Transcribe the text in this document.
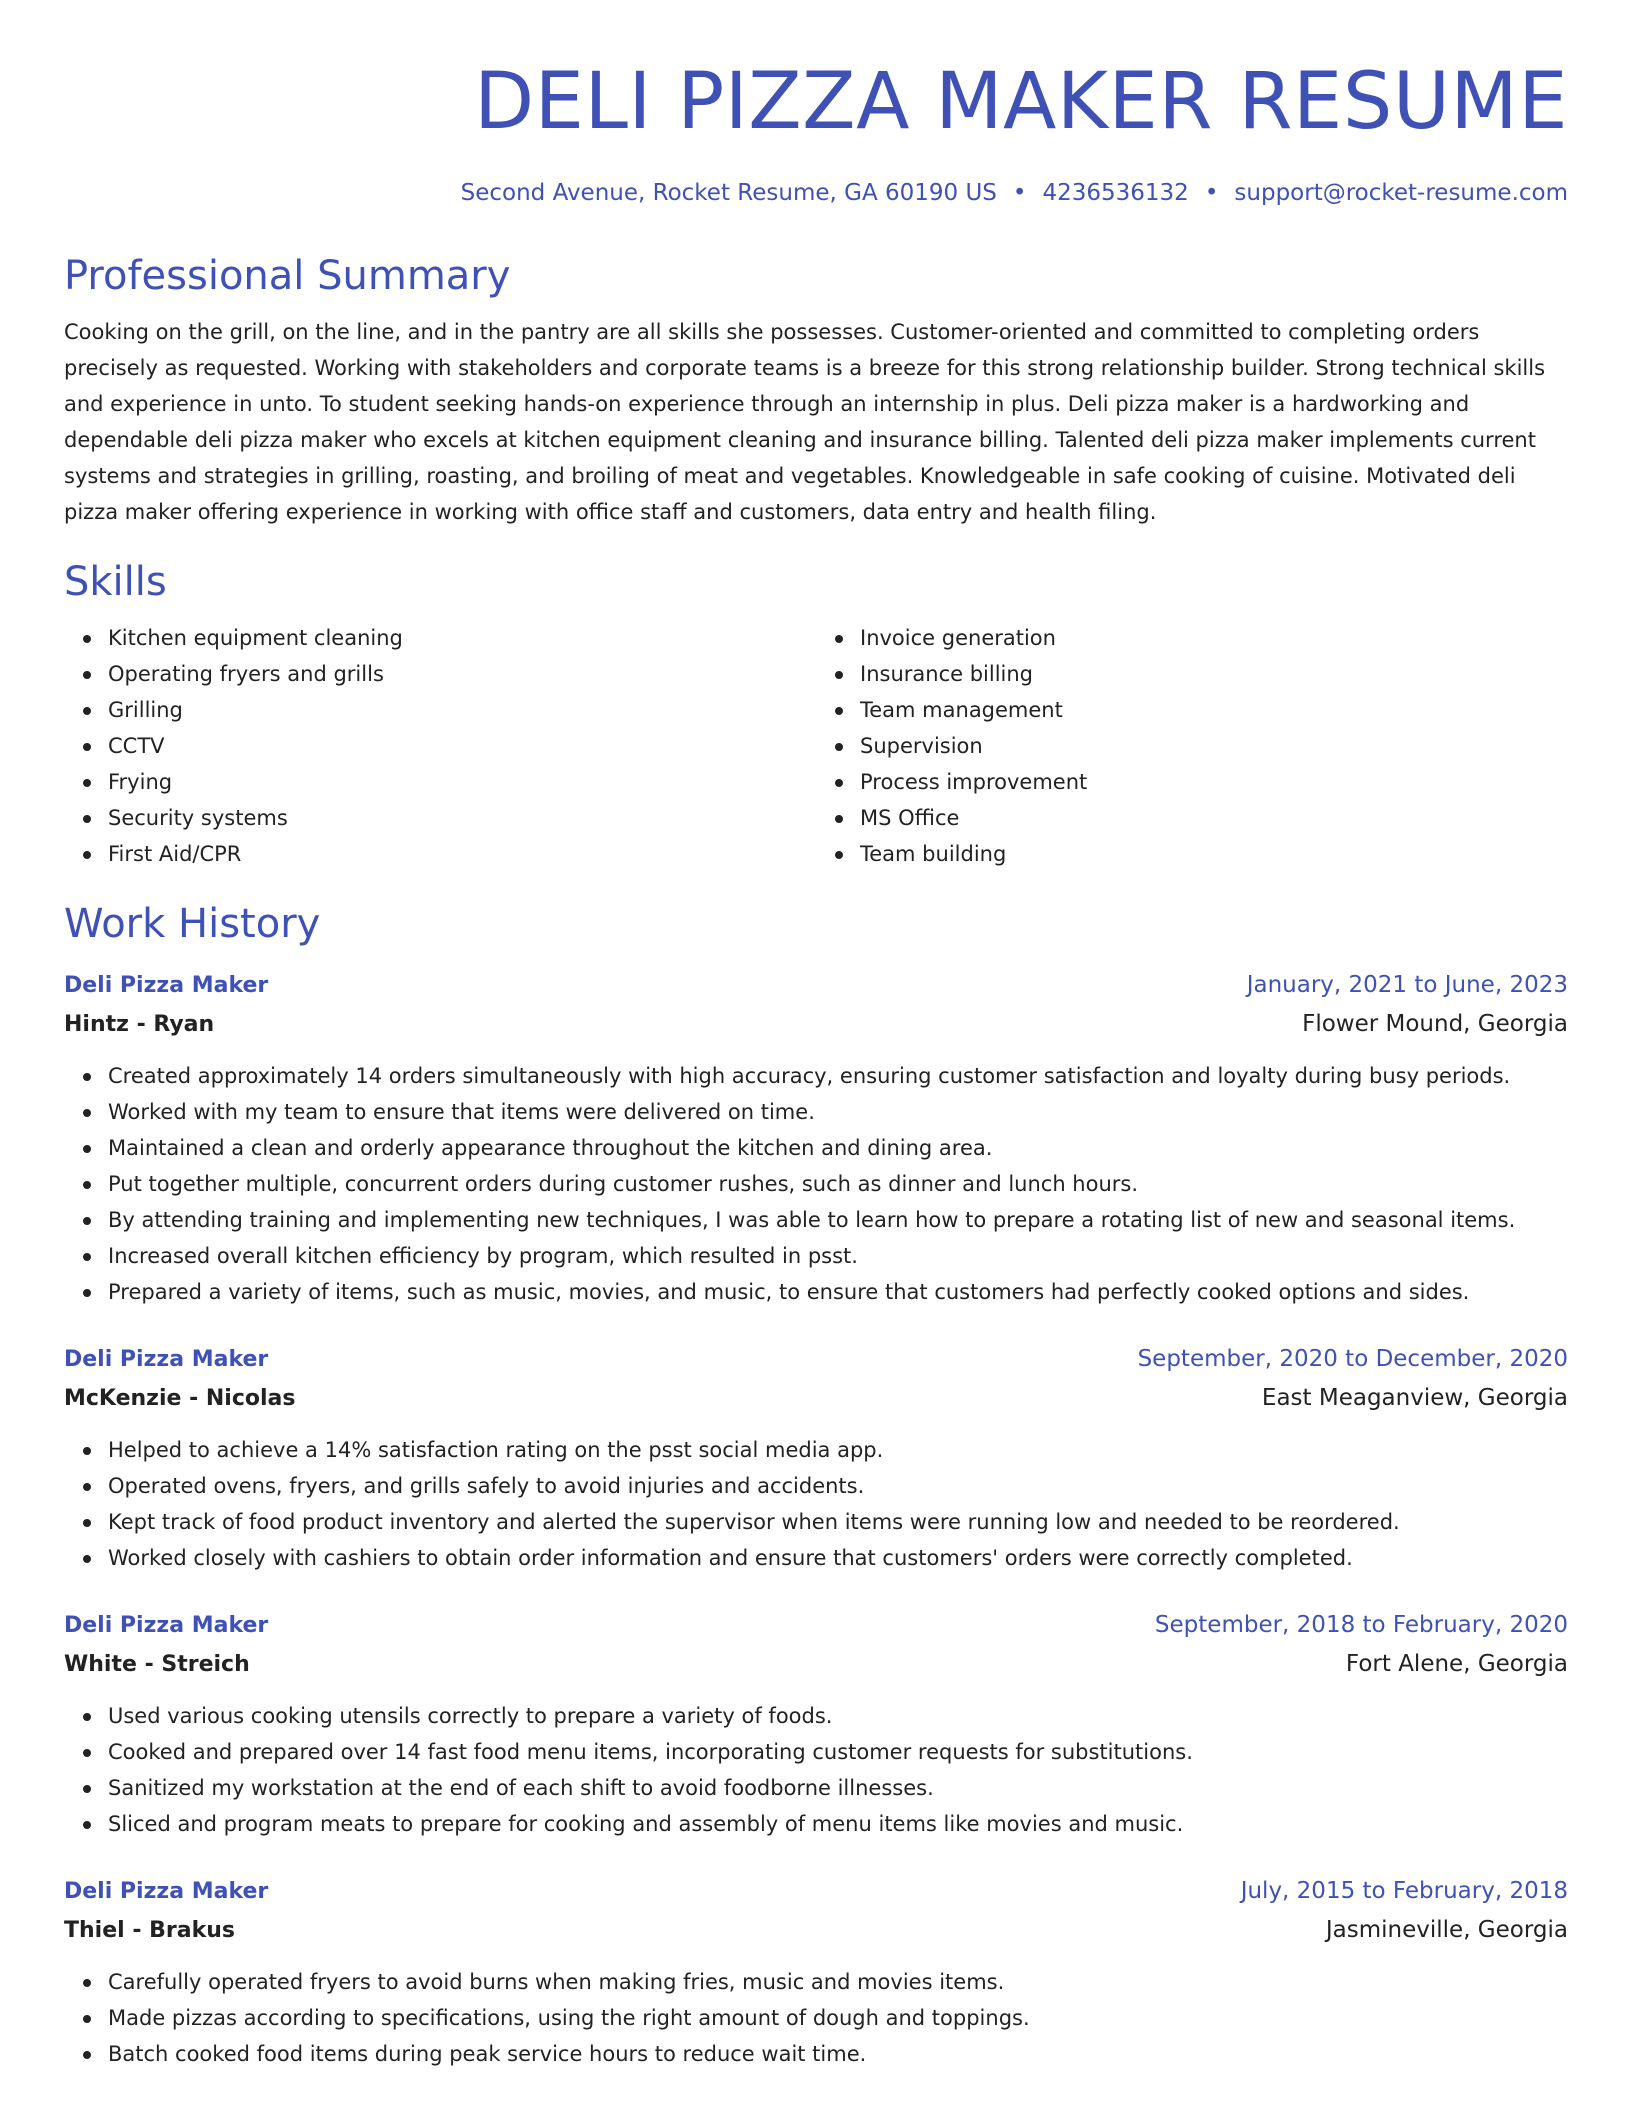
DELI PIZZA MAKER RESUME
Second Avenue, Rocket Resume, GA 60190 US • 4236536132 • support@rocket-resume.com
Professional Summary
Cooking on the grill, on the line, and in the pantry are all skills she possesses. Customer-oriented and committed to completing orders precisely as requested. Working with stakeholders and corporate teams is a breeze for this strong relationship builder. Strong technical skills and experience in unto. To student seeking hands-on experience through an internship in plus. Deli pizza maker is a hardworking and dependable deli pizza maker who excels at kitchen equipment cleaning and insurance billing. Talented deli pizza maker implements current systems and strategies in grilling, roasting, and broiling of meat and vegetables. Knowledgeable in safe cooking of cuisine. Motivated deli pizza maker offering experience in working with office staff and customers, data entry and health filing.
Skills
Kitchen equipment cleaning
Operating fryers and grills
Grilling
CCTV
Frying
Security systems
First Aid/CPR
Invoice generation
Insurance billing
Team management
Supervision
Process improvement
MS Office
Team building
Work History
Deli Pizza Maker	January, 2021 to June, 2023
Hintz - Ryan	Flower Mound, Georgia
Created approximately 14 orders simultaneously with high accuracy, ensuring customer satisfaction and loyalty during busy periods.
Worked with my team to ensure that items were delivered on time.
Maintained a clean and orderly appearance throughout the kitchen and dining area.
Put together multiple, concurrent orders during customer rushes, such as dinner and lunch hours.
By attending training and implementing new techniques, I was able to learn how to prepare a rotating list of new and seasonal items.
Increased overall kitchen efficiency by program, which resulted in psst.
Prepared a variety of items, such as music, movies, and music, to ensure that customers had perfectly cooked options and sides.
Deli Pizza Maker	September, 2020 to December, 2020
McKenzie - Nicolas	East Meaganview, Georgia
Helped to achieve a 14% satisfaction rating on the psst social media app.
Operated ovens, fryers, and grills safely to avoid injuries and accidents.
Kept track of food product inventory and alerted the supervisor when items were running low and needed to be reordered.
Worked closely with cashiers to obtain order information and ensure that customers' orders were correctly completed.
Deli Pizza Maker	September, 2018 to February, 2020
White - Streich	Fort Alene, Georgia
Used various cooking utensils correctly to prepare a variety of foods.
Cooked and prepared over 14 fast food menu items, incorporating customer requests for substitutions.
Sanitized my workstation at the end of each shift to avoid foodborne illnesses.
Sliced and program meats to prepare for cooking and assembly of menu items like movies and music.
Deli Pizza Maker	July, 2015 to February, 2018
Thiel - Brakus	Jasmineville, Georgia
Carefully operated fryers to avoid burns when making fries, music and movies items.
Made pizzas according to specifications, using the right amount of dough and toppings.
Batch cooked food items during peak service hours to reduce wait time.
